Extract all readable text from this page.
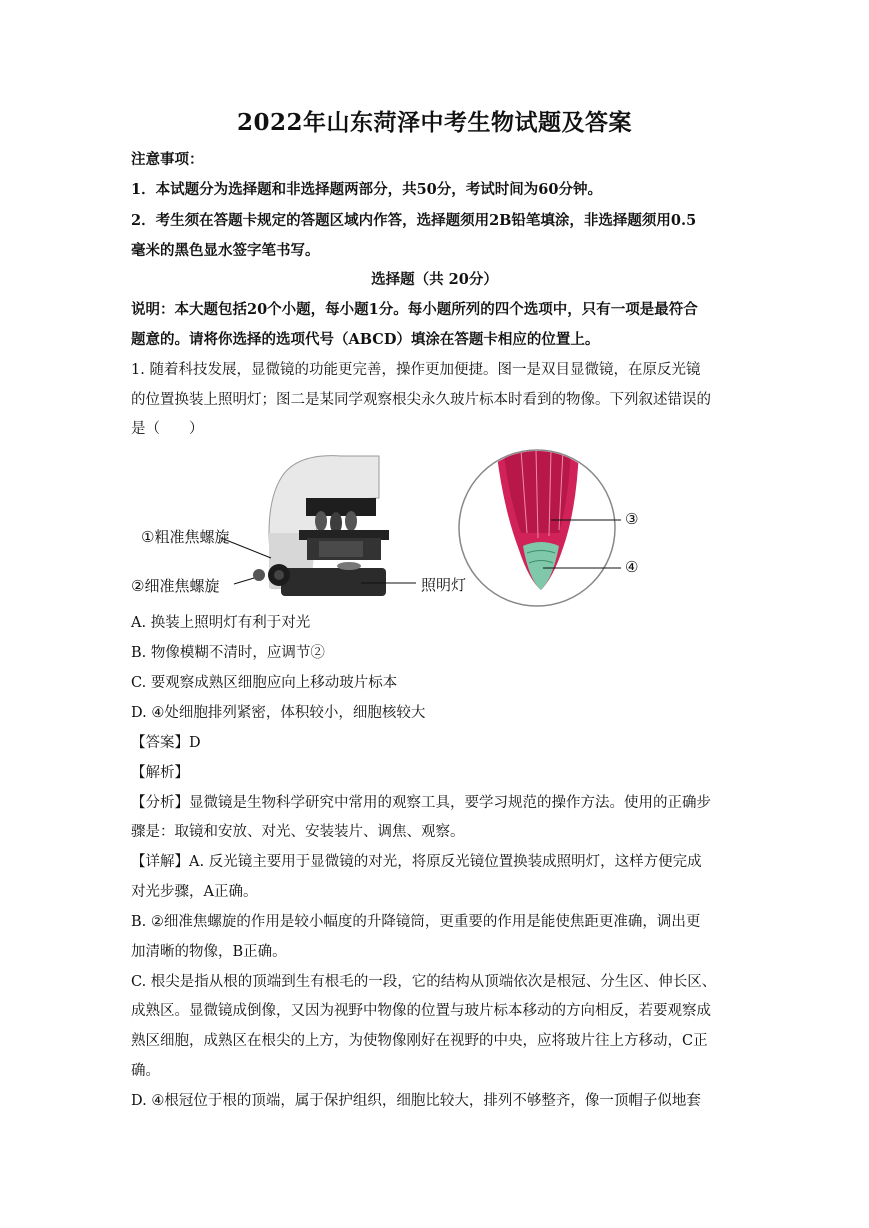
2022年山东菏泽中考生物试题及答案
注意事项：
1．本试题分为选择题和非选择题两部分，共50分，考试时间为60分钟。
2．考生须在答题卡规定的答题区域内作答，选择题须用2B铅笔填涂，非选择题须用0.5
毫米的黑色显水签字笔书写。
选择题（共 20分）
说明：本大题包括20个小题，每小题1分。每小题所列的四个选项中，只有一项是最符合
题意的。请将你选择的选项代号（ABCD）填涂在答题卡相应的位置上。
1. 随着科技发展，显微镜的功能更完善，操作更加便捷。图一是双目显微镜，在原反光镜
的位置换装上照明灯；图二是某同学观察根尖永久玻片标本时看到的物像。下列叙述错误的
是（　　）
①粗准焦螺旋
②细准焦螺旋	照明灯
③
④
A. 换装上照明灯有利于对光
B. 物像模糊不清时，应调节②
C. 要观察成熟区细胞应向上移动玻片标本
D. ④处细胞排列紧密，体积较小，细胞核较大
【答案】D
【解析】
【分析】显微镜是生物科学研究中常用的观察工具，要学习规范的操作方法。使用的正确步
骤是：取镜和安放、对光、安装装片、调焦、观察。
【详解】A. 反光镜主要用于显微镜的对光，将原反光镜位置换装成照明灯，这样方便完成
对光步骤，A正确。
B. ②细准焦螺旋的作用是较小幅度的升降镜筒，更重要的作用是能使焦距更准确，调出更
加清晰的物像，B正确。
C. 根尖是指从根的顶端到生有根毛的一段，它的结构从顶端依次是根冠、分生区、伸长区、
成熟区。显微镜成倒像，又因为视野中物像的位置与玻片标本移动的方向相反，若要观察成
熟区细胞，成熟区在根尖的上方，为使物像刚好在视野的中央，应将玻片往上方移动，C正
确。
D. ④根冠位于根的顶端，属于保护组织，细胞比较大，排列不够整齐，像一顶帽子似地套
